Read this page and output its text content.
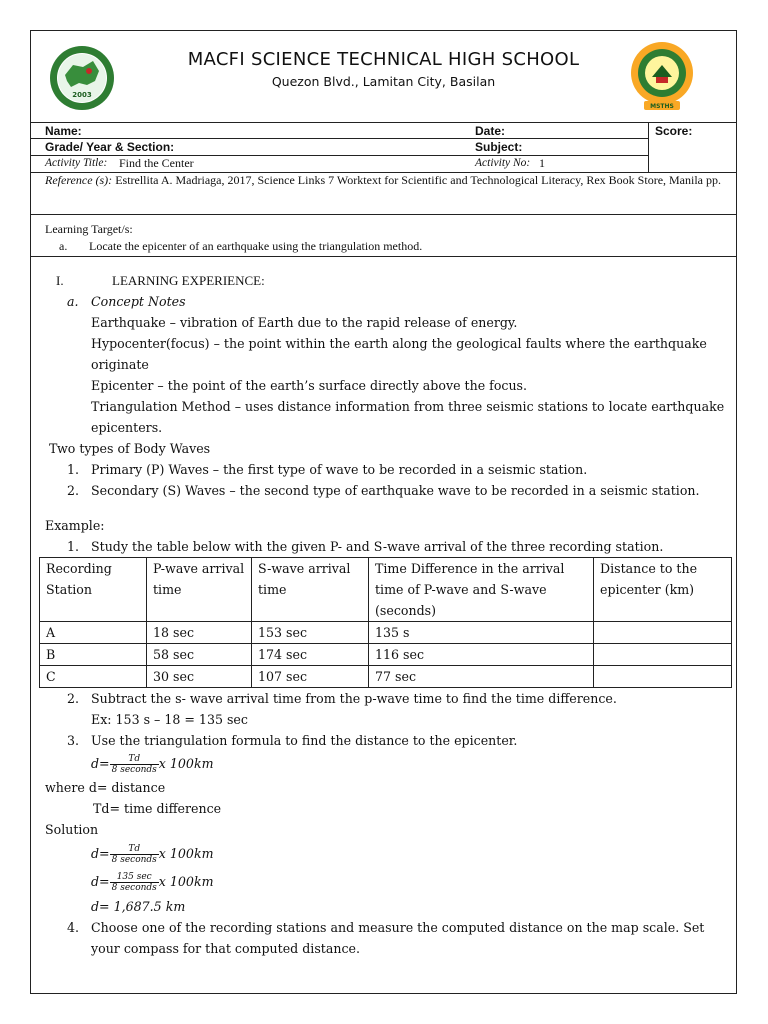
2003
MACFI SCIENCE TECHNICAL HIGH SCHOOL
Quezon Blvd., Lamitan City, Basilan
MSTHS
Name:	Date:	Score:
Grade/ Year & Section:	Subject:
Activity Title: Find the Center	Activity No: 1
Reference (s): Estrellita A. Madriaga, 2017, Science Links 7 Worktext for Scientific and Technological Literacy, Rex Book Store, Manila pp.
Learning Target/s:
a. Locate the epicenter of an earthquake using the triangulation method.

I.	LEARNING EXPERIENCE:

a. Concept Notes

Earthquake – vibration of Earth due to the rapid release of energy.

Hypocenter(focus) – the point within the earth along the geological faults where the earthquake originate

Epicenter – the point of the earth’s surface directly above the focus.

Triangulation Method – uses distance information from three seismic stations to locate earthquake epicenters.

Two types of Body Waves

1. Primary (P) Waves – the first type of wave to be recorded in a seismic station.

2. Secondary (S) Waves – the second type of earthquake wave to be recorded in a seismic station.

Example:

1. Study the table below with the given P- and S-wave arrival of the three recording station.

Recording Station	P-wave arrival time	S-wave arrival time	Time Difference in the arrival time of P-wave and S-wave (seconds)	Distance to the epicenter (km)
A	18 sec	153 sec	135 s	
B	58 sec	174 sec	116 sec	
C	30 sec	107 sec	77 sec	

2. Subtract the s- wave arrival time from the p-wave time to find the time difference.

Ex: 153 s – 18 = 135 sec

3. Use the triangulation formula to find the distance to the epicenter.

$d= \frac{Td}{\text{8 seconds}}$ x 100km

where d= distance

Td= time difference

Solution

$d= \frac{Td}{\text{8 seconds}}$ x 100km

$d= \frac{135 \sec}{\text{8 seconds}}$ x 100km

d= 1,687.5 km

4. Choose one of the recording stations and measure the computed distance on the map scale. Set your compass for that computed distance.
